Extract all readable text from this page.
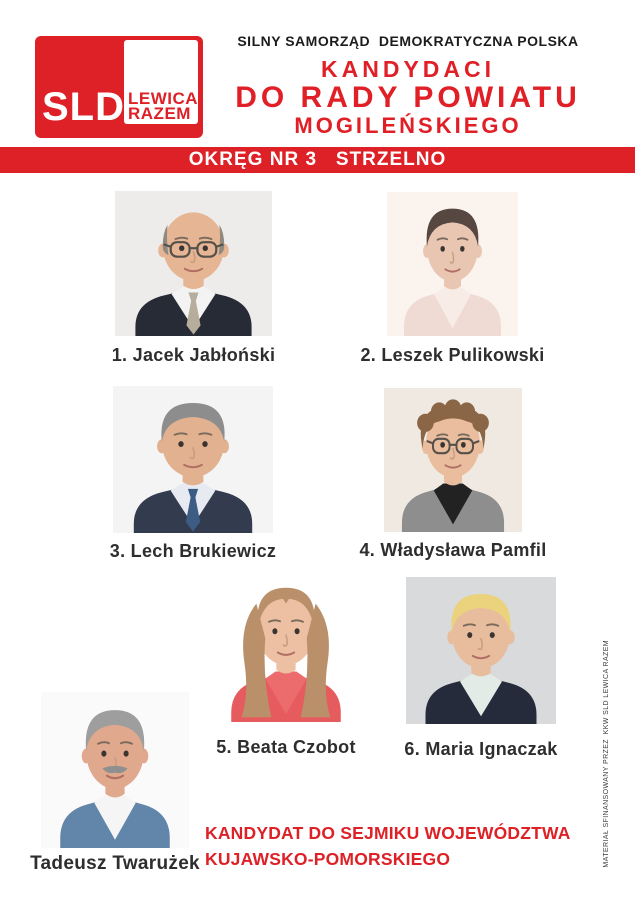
LEWICA
RAZEM
SLD
SILNY SAMORZĄD  DEMOKRATYCZNA POLSKA
KANDYDACI
DO RADY POWIATU
MOGILEŃSKIEGO
OKRĘG NR 3   STRZELNO
1. Jacek Jabłoński	2. Leszek Pulikowski
3. Lech Brukiewicz	4. Władysława Pamfil
5. Beata Czobot	6. Maria Ignaczak
Tadeusz Twarużek
KANDYDAT DO SEJMIKU WOJEWÓDZTWA
KUJAWSKO-POMORSKIEGO	MATERIAŁ SFINANSOWANY PRZEZ  KKW SLD LEWICA RAZEM
